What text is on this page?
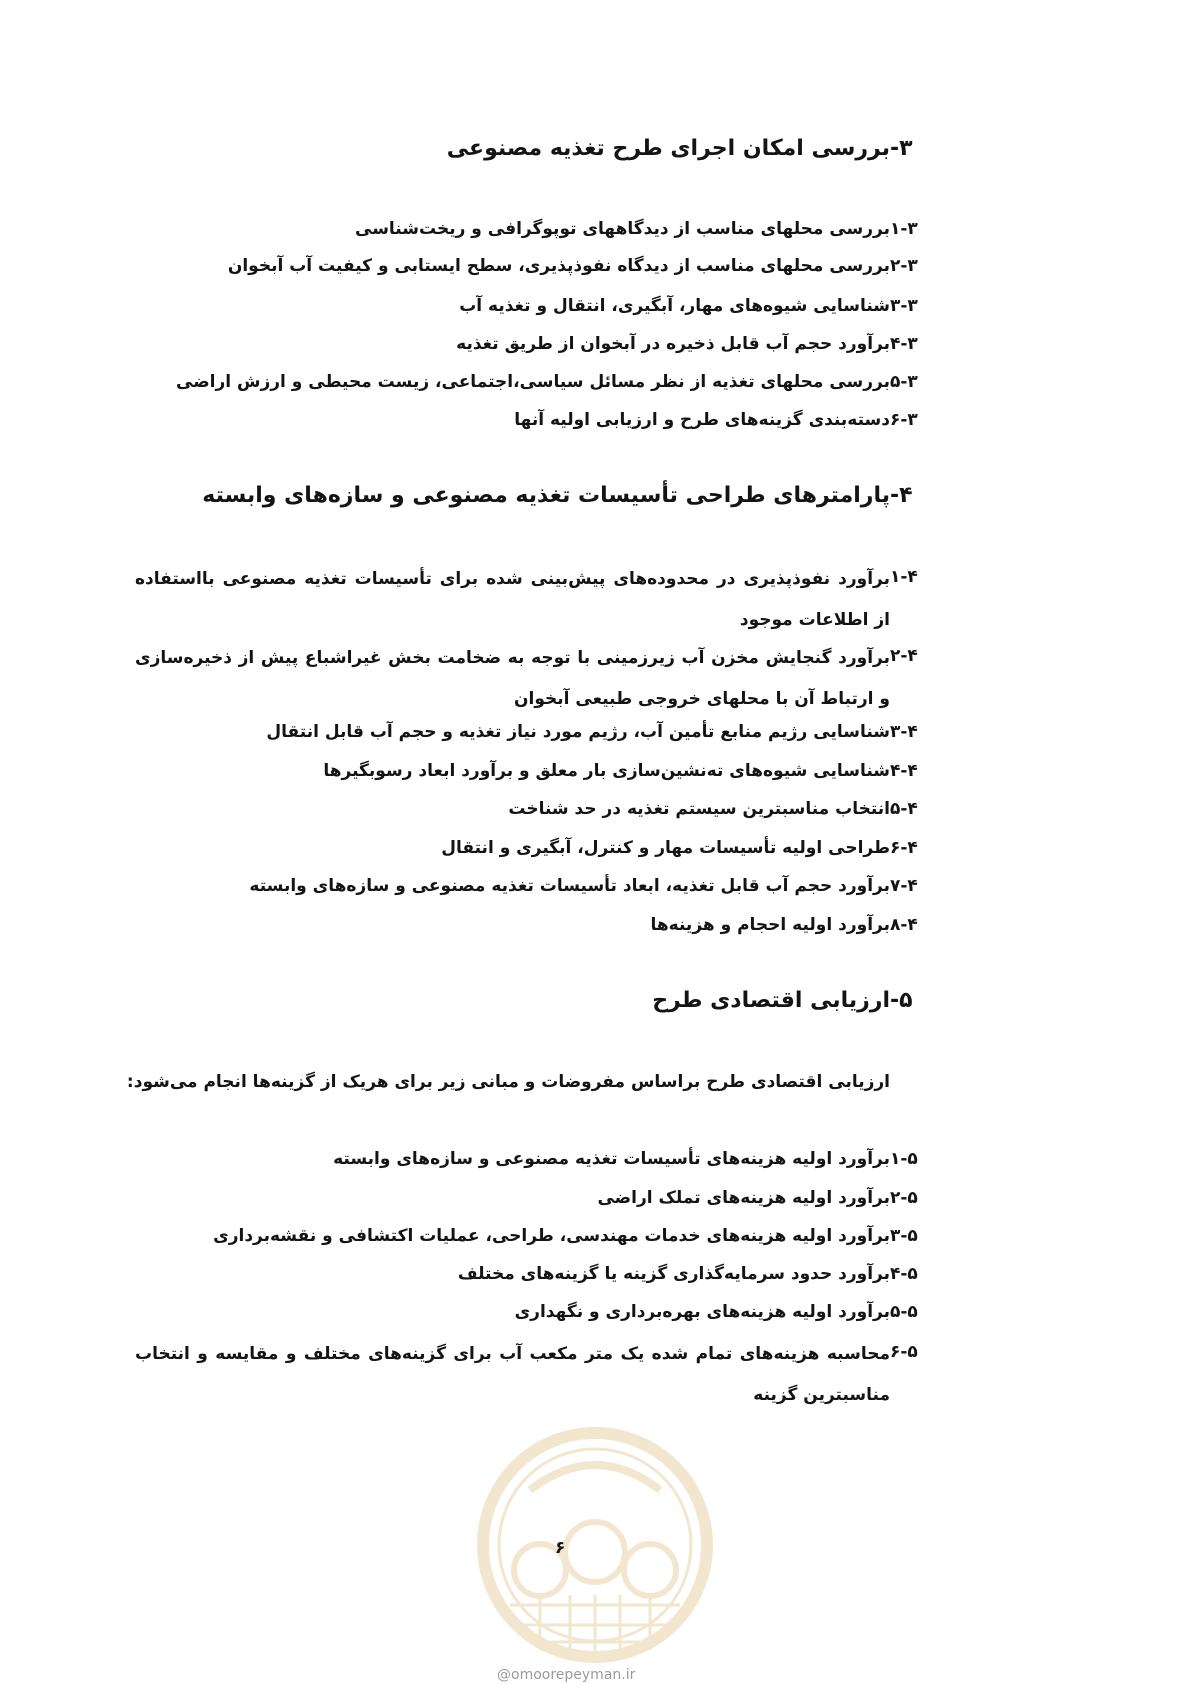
-۳
بررسی امکان اجرای طرح تغذیه مصنوعی
۱-۳
بررسی محلهای مناسب از دیدگاههای توپوگرافی و ریخت‌شناسی
۲-۳
بررسی محلهای مناسب از دیدگاه نفوذپذیری، سطح ایستابی و کیفیت آب آبخوان
۳-۳
شناسایی شیوه‌های مهار، آبگیری، انتقال و تغذیه آب
۴-۳
برآورد حجم آب قابل ذخیره در آبخوان از طریق تغذیه
۵-۳
بررسی محلهای تغذیه از نظر مسائل سیاسی،اجتماعی، زیست محیطی و ارزش اراضی
۶-۳
دسته‌بندی گزینه‌های طرح و ارزیابی اولیه آنها
-۴
پارامترهای طراحی تأسیسات تغذیه مصنوعی و سازه‌های وابسته
۱-۴
برآورد نفوذپذیری در محدوده‌های پیش‌بینی شده برای تأسیسات تغذیه مصنوعی بااستفاده از اطلاعات موجود
۲-۴
برآورد گنجایش مخزن آب زیرزمینی با توجه به ضخامت بخش غیراشباع پیش از ذخیره‌سازی و ارتباط آن با محلهای خروجی طبیعی آبخوان
۳-۴
شناسایی رژیم منابع تأمین آب، رژیم مورد نیاز تغذیه و حجم آب قابل انتقال
۴-۴
شناسایی شیوه‌های ته‌نشین‌سازی بار معلق و برآورد ابعاد رسوبگیرها
۵-۴
انتخاب مناسبترین سیستم تغذیه در حد شناخت
۶-۴
طراحی اولیه تأسیسات مهار و کنترل، آبگیری و انتقال
۷-۴
برآورد حجم آب قابل تغذیه، ابعاد تأسیسات تغذیه مصنوعی و سازه‌های وابسته
۸-۴
برآورد اولیه احجام و هزینه‌ها
-۵
ارزیابی اقتصادی طرح
ارزیابی اقتصادی طرح براساس مفروضات و مبانی زیر برای هریک از گزینه‌ها انجام می‌شود:
۱-۵
برآورد اولیه هزینه‌های تأسیسات تغذیه مصنوعی و سازه‌های وابسته
۲-۵
برآورد اولیه هزینه‌های تملک اراضی
۳-۵
برآورد اولیه هزینه‌های خدمات مهندسی، طراحی، عملیات اکتشافی و نقشه‌برداری
۴-۵
برآورد حدود سرمایه‌گذاری گزینه یا گزینه‌های مختلف
۵-۵
برآورد اولیه هزینه‌های بهره‌برداری و نگهداری
۶-۵
محاسبه هزینه‌های تمام شده یک متر مکعب آب برای گزینه‌های مختلف و مقایسه و انتخاب مناسبترین گزینه
۶
@omoorepeyman.ir
